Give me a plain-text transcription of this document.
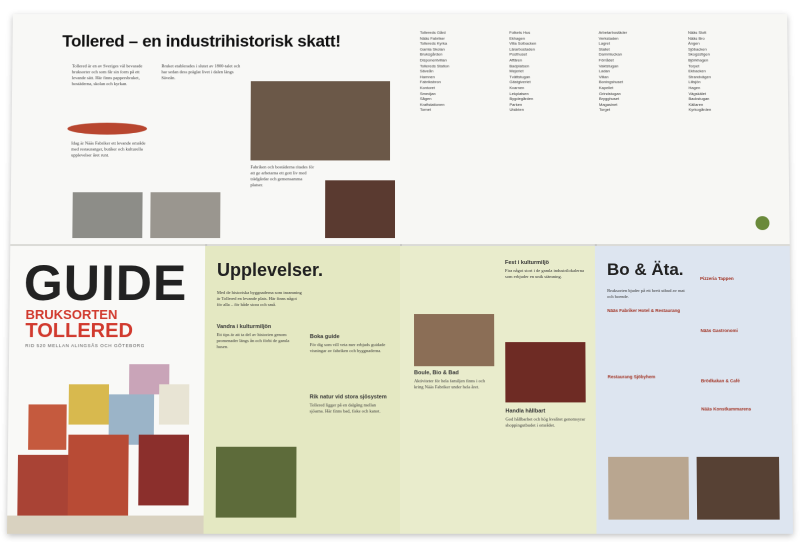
Tollered – en industrihistorisk skatt!
Tollered är en av Sveriges väl bevarade bruksorter och som får sin form på ett levande sätt. Här finns pappersbruket, bostäderna, skolan och kyrkan.
Bruket etablerades i slutet av 1800-talet och har sedan dess präglat livet i dalen längs Säveån.
Idag är Nääs Fabriker ett levande område med restauranger, butiker och kulturella upplevelser året runt.
Fabriken och bostäderna ritades för att ge arbetarna ett gott liv med trädgårdar och gemensamma platser.
Tollereds Gård
Nääs Fabriker
Tollereds Kyrka
Gamla Skolan
Bruksgården
Disponentvillan
Tollereds Station
Säveån
Hamnen
Fabriksbron
Kontoret
Smedjan
Sågen
Kraftstationen
Tornet
Folkets Hus
Ekhagen
Villa Solbacken
Lärarbostaden
Posthuset
Affären
Badplatsen
Mejeriet
Tvättstugan
Gästgiveriet
Kvarnen
Lekplatsen
Bygdegården
Parken
Utsikten
Arbetarbostäder
Verkstaden
Lagret
Stallet
Dammluckan
Förrådet
Vaktstugan
Ladan
Villan
Boningshuset
Kapellet
Grindstugan
Brygghuset
Magasinet
Torget
Nääs Slott
Nääs Bro
Ängen
Sjöbacken
Skogsstigen
Björkhagen
Torpet
Ekbacken
Strandvägen
Lillsjön
Hagen
Vägskälet
Backstugan
Källaren
Kyrkogården
GUIDE
BRUKSORTEN
TOLLERED
RID 520 MELLAN ALINGSÅS OCH GÖTEBORG
Upplevelser.
Med de historiska byggnaderna som inramning är Tollered en levande plats. Här finns något för alla – för både stora och små.
Vandra i kulturmiljön
Ett tips är att ta del av historien genom promenader längs ån och förbi de gamla husen.
Boka guide
För dig som vill veta mer erbjuds guidade visningar av fabriken och byggnaderna.
Rik natur vid stora sjösystem
Tollered ligger på en dalgång mellan sjöarna. Här finns bad, fiske och kanot.
Fest i kulturmiljö
Fira något stort i de gamla industrilokalerna som erbjuder en unik stämning.
Boule, Bio & Bad
Aktiviteter för hela familjen finns i och kring Nääs Fabriker under hela året.
Handla hållbart
God hållbarhet och hög kvalitet genomsyrar shoppingutbudet i området.
Bo & Äta.
Bruksorten bjuder på ett brett utbud av mat och boende.
Nääs Fabriker Hotel & Restaurang
Pizzeria Tappen
Nääs Gastronomi
Restaurang Sjöbyhem
Brödkakan & Café
Nääs Konstkammarens
